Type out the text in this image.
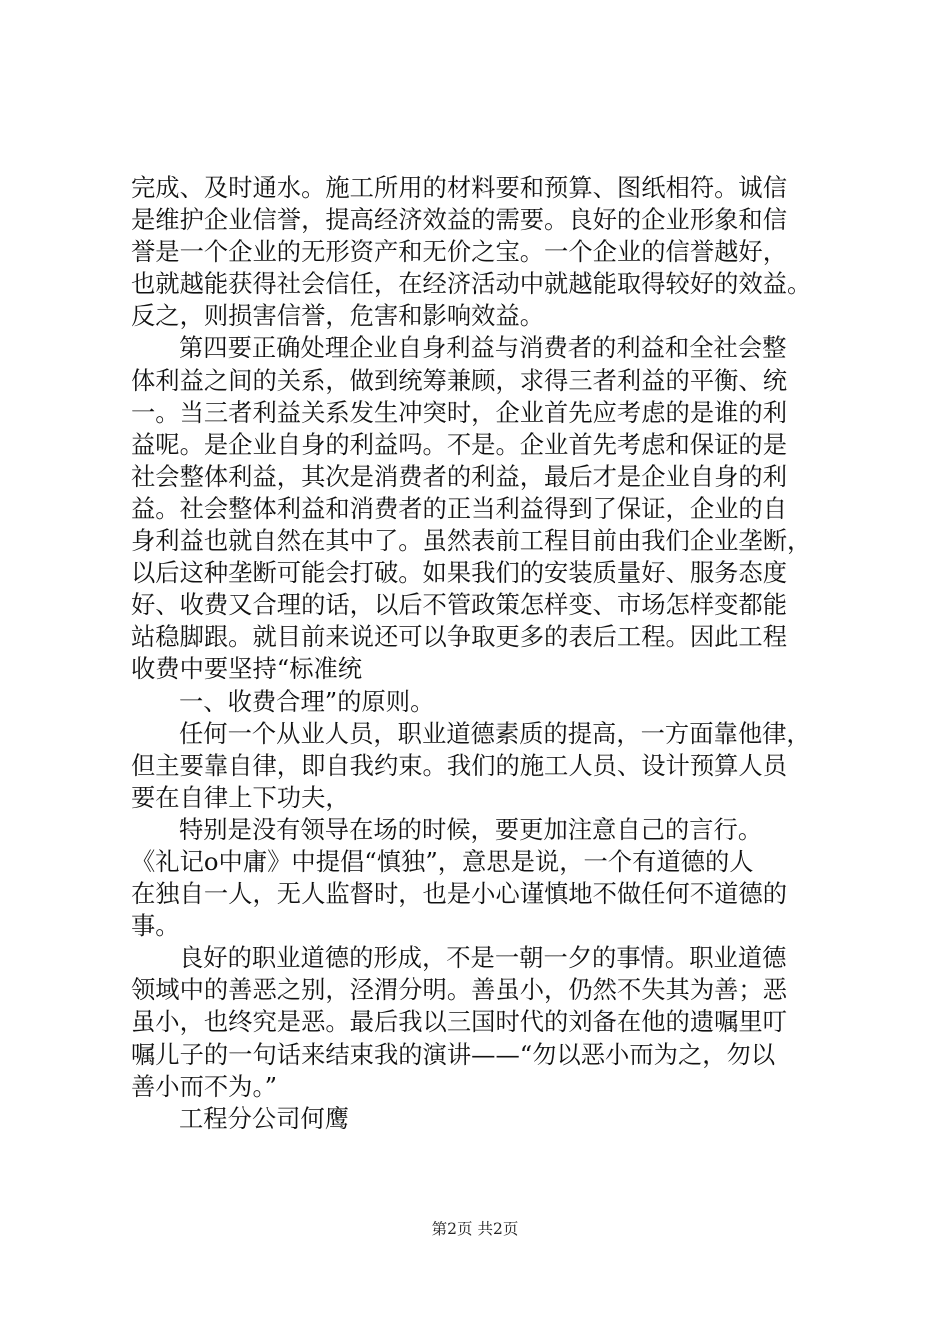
完成、及时通水。施工所用的材料要和预算、图纸相符。诚信
是维护企业信誉，提高经济效益的需要。良好的企业形象和信
誉是一个企业的无形资产和无价之宝。一个企业的信誉越好，
也就越能获得社会信任，在经济活动中就越能取得较好的效益。
反之，则损害信誉，危害和影响效益。
第四要正确处理企业自身利益与消费者的利益和全社会整
体利益之间的关系，做到统筹兼顾，求得三者利益的平衡、统
一。当三者利益关系发生冲突时，企业首先应考虑的是谁的利
益呢。是企业自身的利益吗。不是。企业首先考虑和保证的是
社会整体利益，其次是消费者的利益，最后才是企业自身的利
益。社会整体利益和消费者的正当利益得到了保证，企业的自
身利益也就自然在其中了。虽然表前工程目前由我们企业垄断，
以后这种垄断可能会打破。如果我们的安装质量好、服务态度
好、收费又合理的话，以后不管政策怎样变、市场怎样变都能
站稳脚跟。就目前来说还可以争取更多的表后工程。因此工程
收费中要坚持“标准统
一、收费合理”的原则。
任何一个从业人员，职业道德素质的提高，一方面靠他律，
但主要靠自律，即自我约束。我们的施工人员、设计预算人员
要在自律上下功夫，
特别是没有领导在场的时候，要更加注意自己的言行。
《礼记ο中庸》中提倡“慎独”，意思是说，一个有道德的人
在独自一人，无人监督时，也是小心谨慎地不做任何不道德的
事。
良好的职业道德的形成，不是一朝一夕的事情。职业道德
领域中的善恶之别，泾渭分明。善虽小，仍然不失其为善；恶
虽小，也终究是恶。最后我以三国时代的刘备在他的遗嘱里叮
嘱儿子的一句话来结束我的演讲——“勿以恶小而为之，勿以
善小而不为。”
工程分公司何鹰
第2页 共2页
